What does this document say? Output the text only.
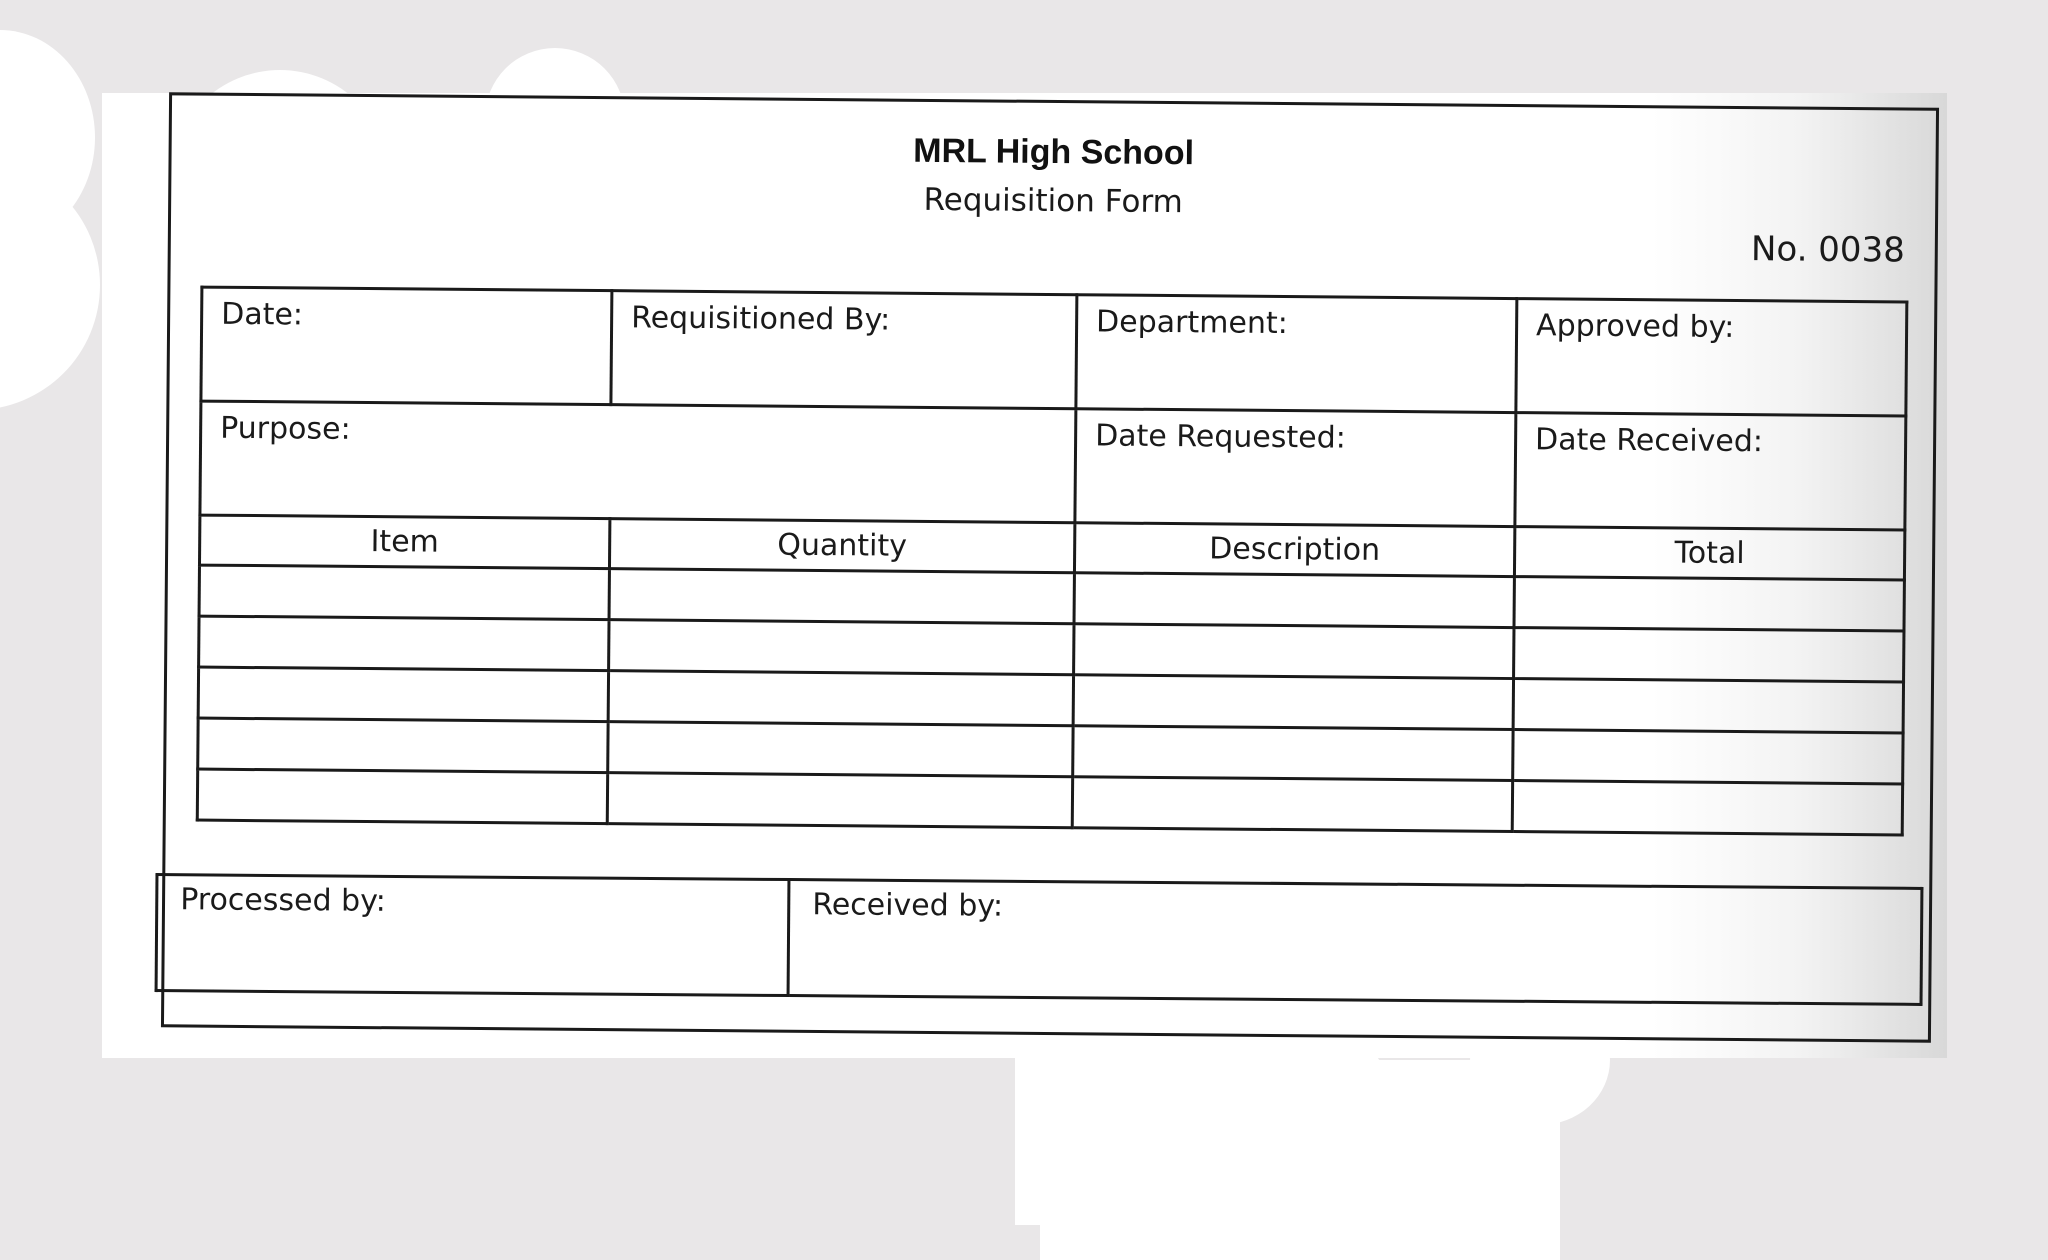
MRL High School
Requisition Form
No. 0038
Date:	Requisitioned By:	Department:	Approved by:
Purpose:		Date Requested:	Date Received:
Item	Quantity	Description	Total

Processed by:	Received by:
